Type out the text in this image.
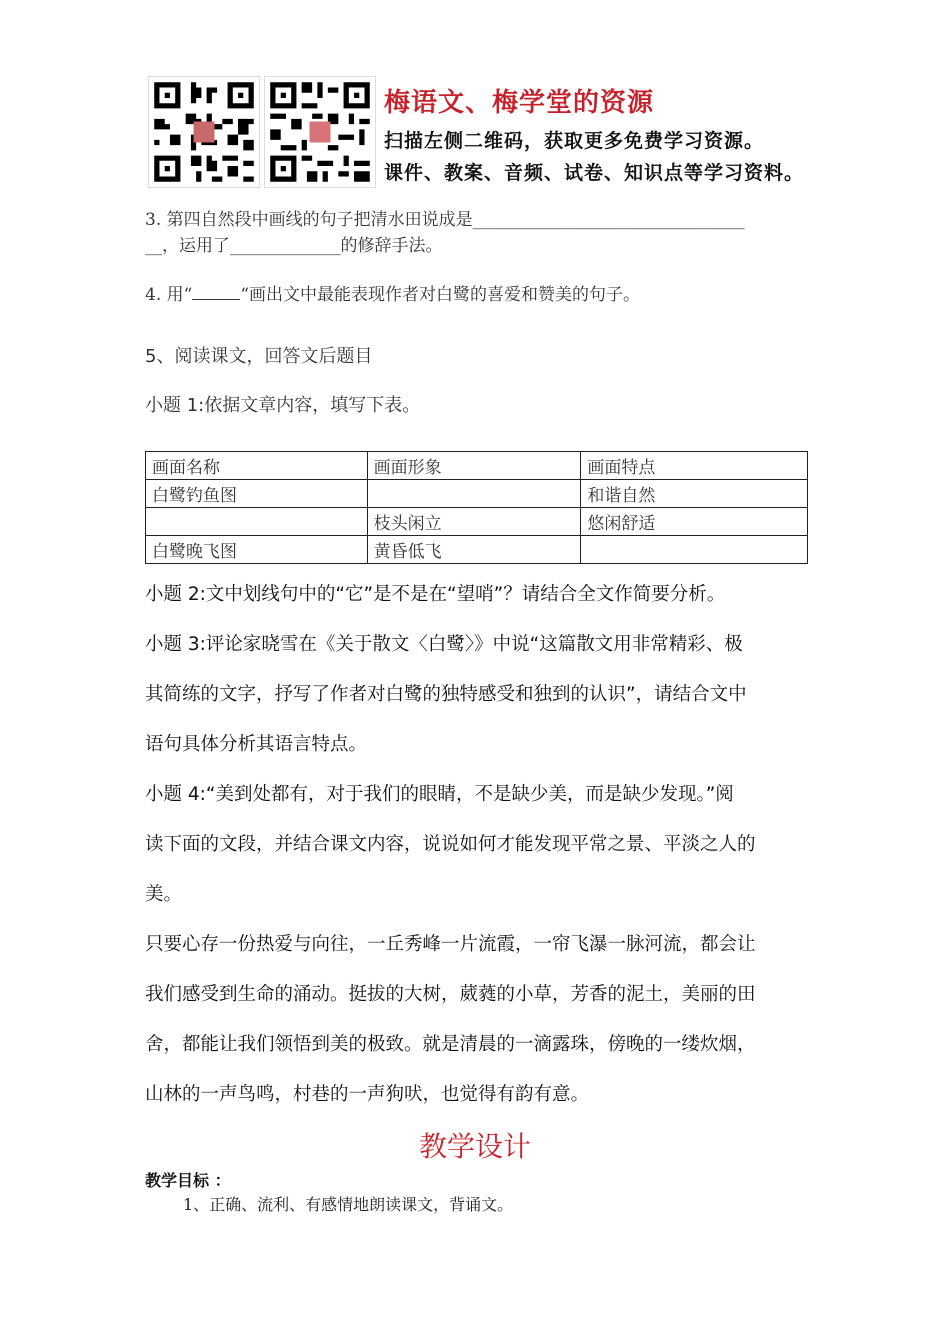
梅语文、梅学堂的资源
扫描左侧二维码，获取更多免费学习资源。
课件、教案、音频、试卷、知识点等学习资料。
3. 第四自然段中画线的句子把清水田说成是________________________________
__，运用了_____________的修辞手法。
4. 用“	“画出文中最能表现作者对白鹭的喜爱和赞美的句子。
5、阅读课文，回答文后题目
小题 1:依据文章内容，填写下表。
画面名称	画面形象	画面特点
白鹭钓鱼图		和谐自然
	枝头闲立	悠闲舒适
白鹭晚飞图	黄昏低飞	
小题 2:文中划线句中的“它”是不是在“望哨”？请结合全文作简要分析。
小题 3:评论家晓雪在《关于散文〈白鹭〉》中说“这篇散文用非常精彩、极
其简练的文字，抒写了作者对白鹭的独特感受和独到的认识”，请结合文中
语句具体分析其语言特点。
小题 4:“美到处都有，对于我们的眼睛，不是缺少美，而是缺少发现。”阅
读下面的文段，并结合课文内容，说说如何才能发现平常之景、平淡之人的
美。
只要心存一份热爱与向往，一丘秀峰一片流霞，一帘飞瀑一脉河流，都会让
我们感受到生命的涌动。挺拔的大树，葳蕤的小草，芳香的泥土，美丽的田
舍，都能让我们领悟到美的极致。就是清晨的一滴露珠，傍晚的一缕炊烟，
山林的一声鸟鸣，村巷的一声狗吠，也觉得有韵有意。
教学设计
教学目标 ：
1、正确、流利、有感情地朗读课文，背诵文。
